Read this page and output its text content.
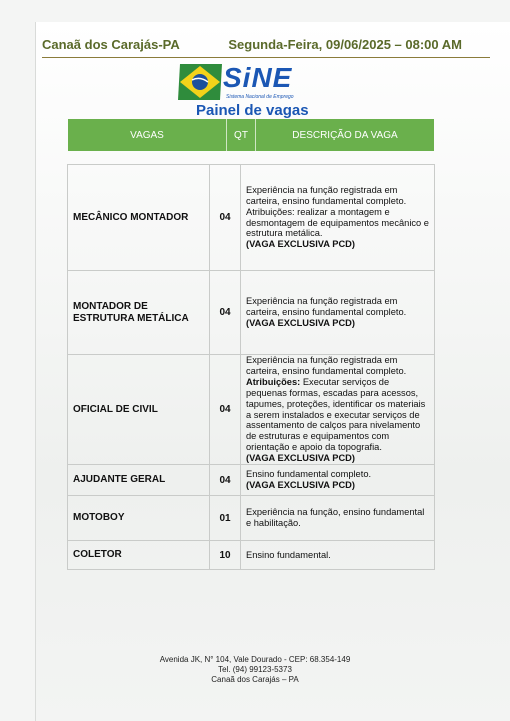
Canaã dos Carajás-PA	Segunda-Feira, 09/06/2025 – 08:00 AM
SiNE
Sistema Nacional de Emprego
Painel de vagas
VAGAS	QT	DESCRIÇÃO DA VAGA
MECÂNICO MONTADOR	04	Experiência na função registrada em carteira, ensino fundamental completo. Atribuições: realizar a montagem e desmontagem de equipamentos mecânico e estrutura metálica.
(VAGA EXCLUSIVA PCD)

MONTADOR DE ESTRUTURA METÁLICA	04	Experiência na função registrada em carteira, ensino fundamental completo.
(VAGA EXCLUSIVA PCD)

OFICIAL DE CIVIL	04	Experiência na função registrada em carteira, ensino fundamental completo. Atribuições: Executar serviços de pequenas formas, escadas para acessos, tapumes, proteções, identificar os materiais a serem instalados e executar serviços de assentamento de calços para nivelamento de estruturas e equipamentos com orientação e apoio da topografia.
(VAGA EXCLUSIVA PCD)

AJUDANTE GERAL	04	Ensino fundamental completo.
(VAGA EXCLUSIVA PCD)

MOTOBOY	01	Experiência na função, ensino fundamental e habilitação.
COLETOR	10	Ensino fundamental.
Avenida JK, N° 104, Vale Dourado - CEP: 68.354-149
Tel. (94) 99123-5373
Canaã dos Carajás – PA
